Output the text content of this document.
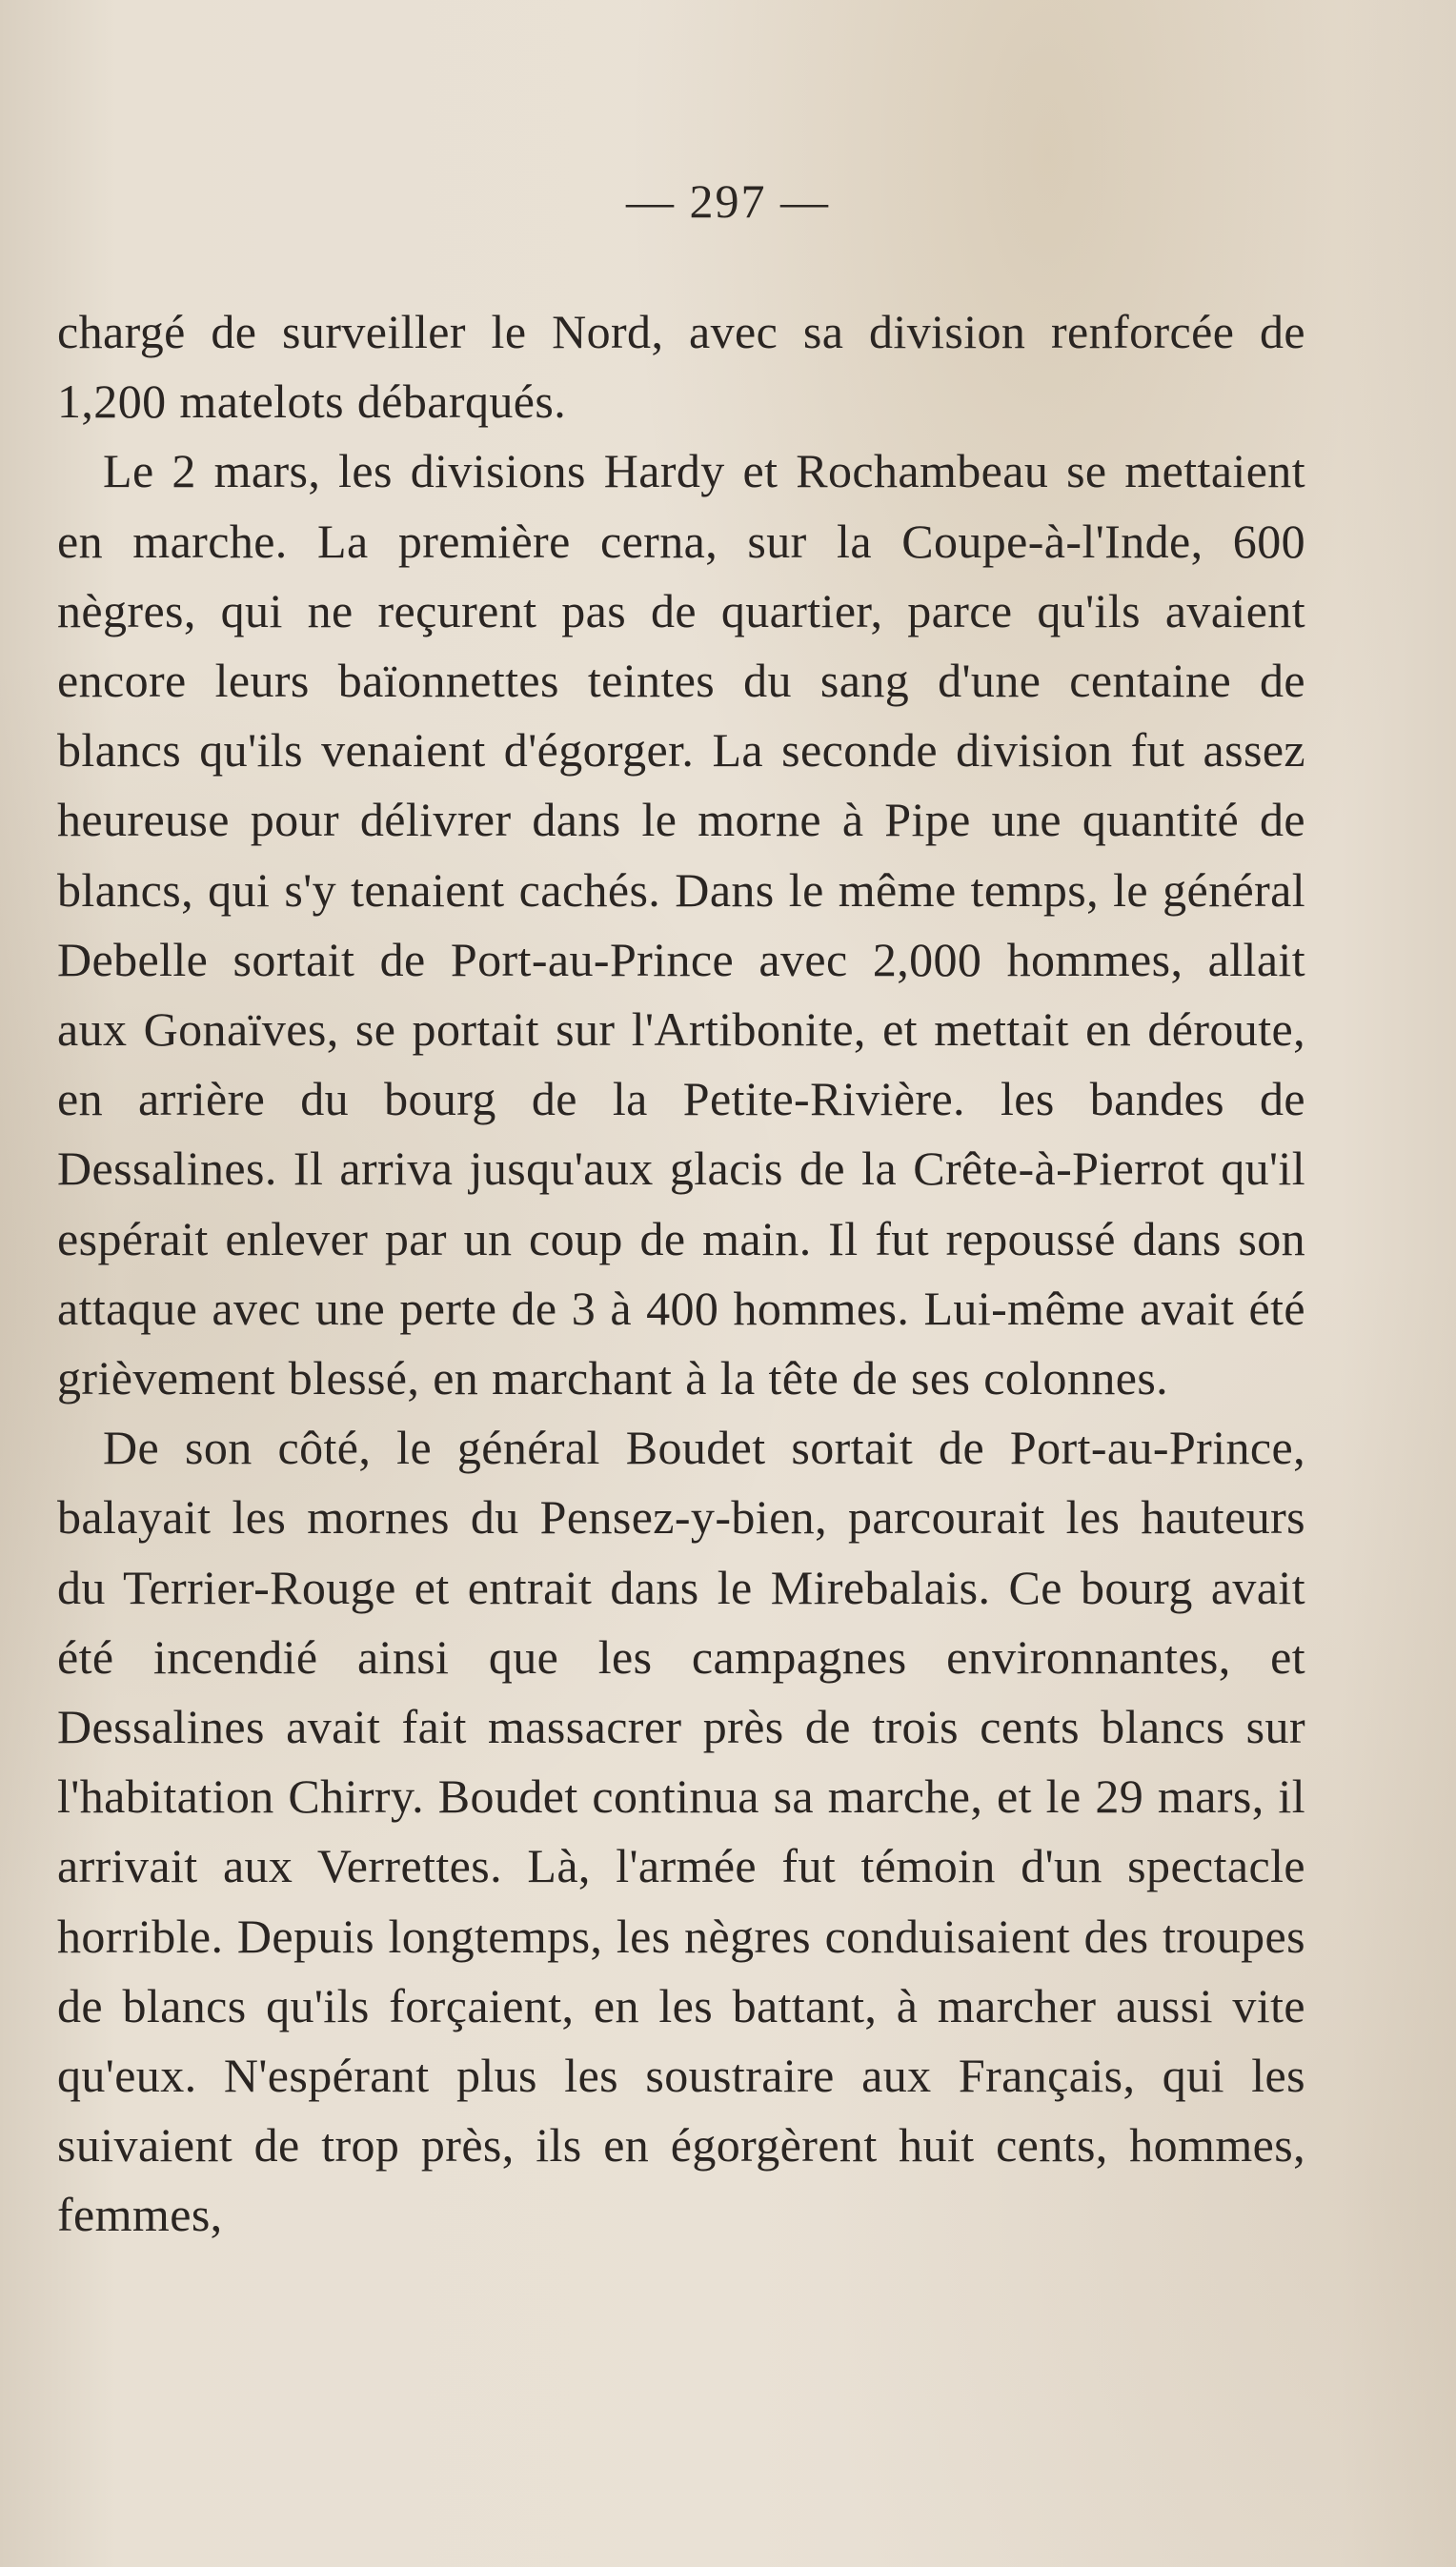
— 297 —

chargé de surveiller le Nord, avec sa division renforcée de 1,200 matelots débarqués.

Le 2 mars, les divisions Hardy et Rochambeau se mettaient en marche. La première cerna, sur la Coupe-à-l'Inde, 600 nègres, qui ne reçurent pas de quartier, parce qu'ils avaient encore leurs baïonnettes teintes du sang d'une centaine de blancs qu'ils venaient d'égorger. La seconde division fut assez heureuse pour délivrer dans le morne à Pipe une quantité de blancs, qui s'y tenaient cachés. Dans le même temps, le général Debelle sortait de Port-au-Prince avec 2,000 hommes, allait aux Gonaïves, se portait sur l'Artibonite, et mettait en déroute, en arrière du bourg de la Petite-Rivière. les bandes de Dessalines. Il arriva jusqu'aux glacis de la Crête-à-Pierrot qu'il espérait enlever par un coup de main. Il fut repoussé dans son attaque avec une perte de 3 à 400 hommes. Lui-même avait été grièvement blessé, en marchant à la tête de ses colonnes.

De son côté, le général Boudet sortait de Port-au-Prince, balayait les mornes du Pensez-y-bien, parcourait les hauteurs du Terrier-Rouge et entrait dans le Mirebalais. Ce bourg avait été incendié ainsi que les campagnes environnantes, et Dessalines avait fait massacrer près de trois cents blancs sur l'habitation Chirry. Boudet continua sa marche, et le 29 mars, il arrivait aux Verrettes. Là, l'armée fut témoin d'un spectacle horrible. Depuis longtemps, les nègres conduisaient des troupes de blancs qu'ils forçaient, en les battant, à marcher aussi vite qu'eux. N'espérant plus les soustraire aux Français, qui les suivaient de trop près, ils en égorgèrent huit cents, hommes, femmes,
